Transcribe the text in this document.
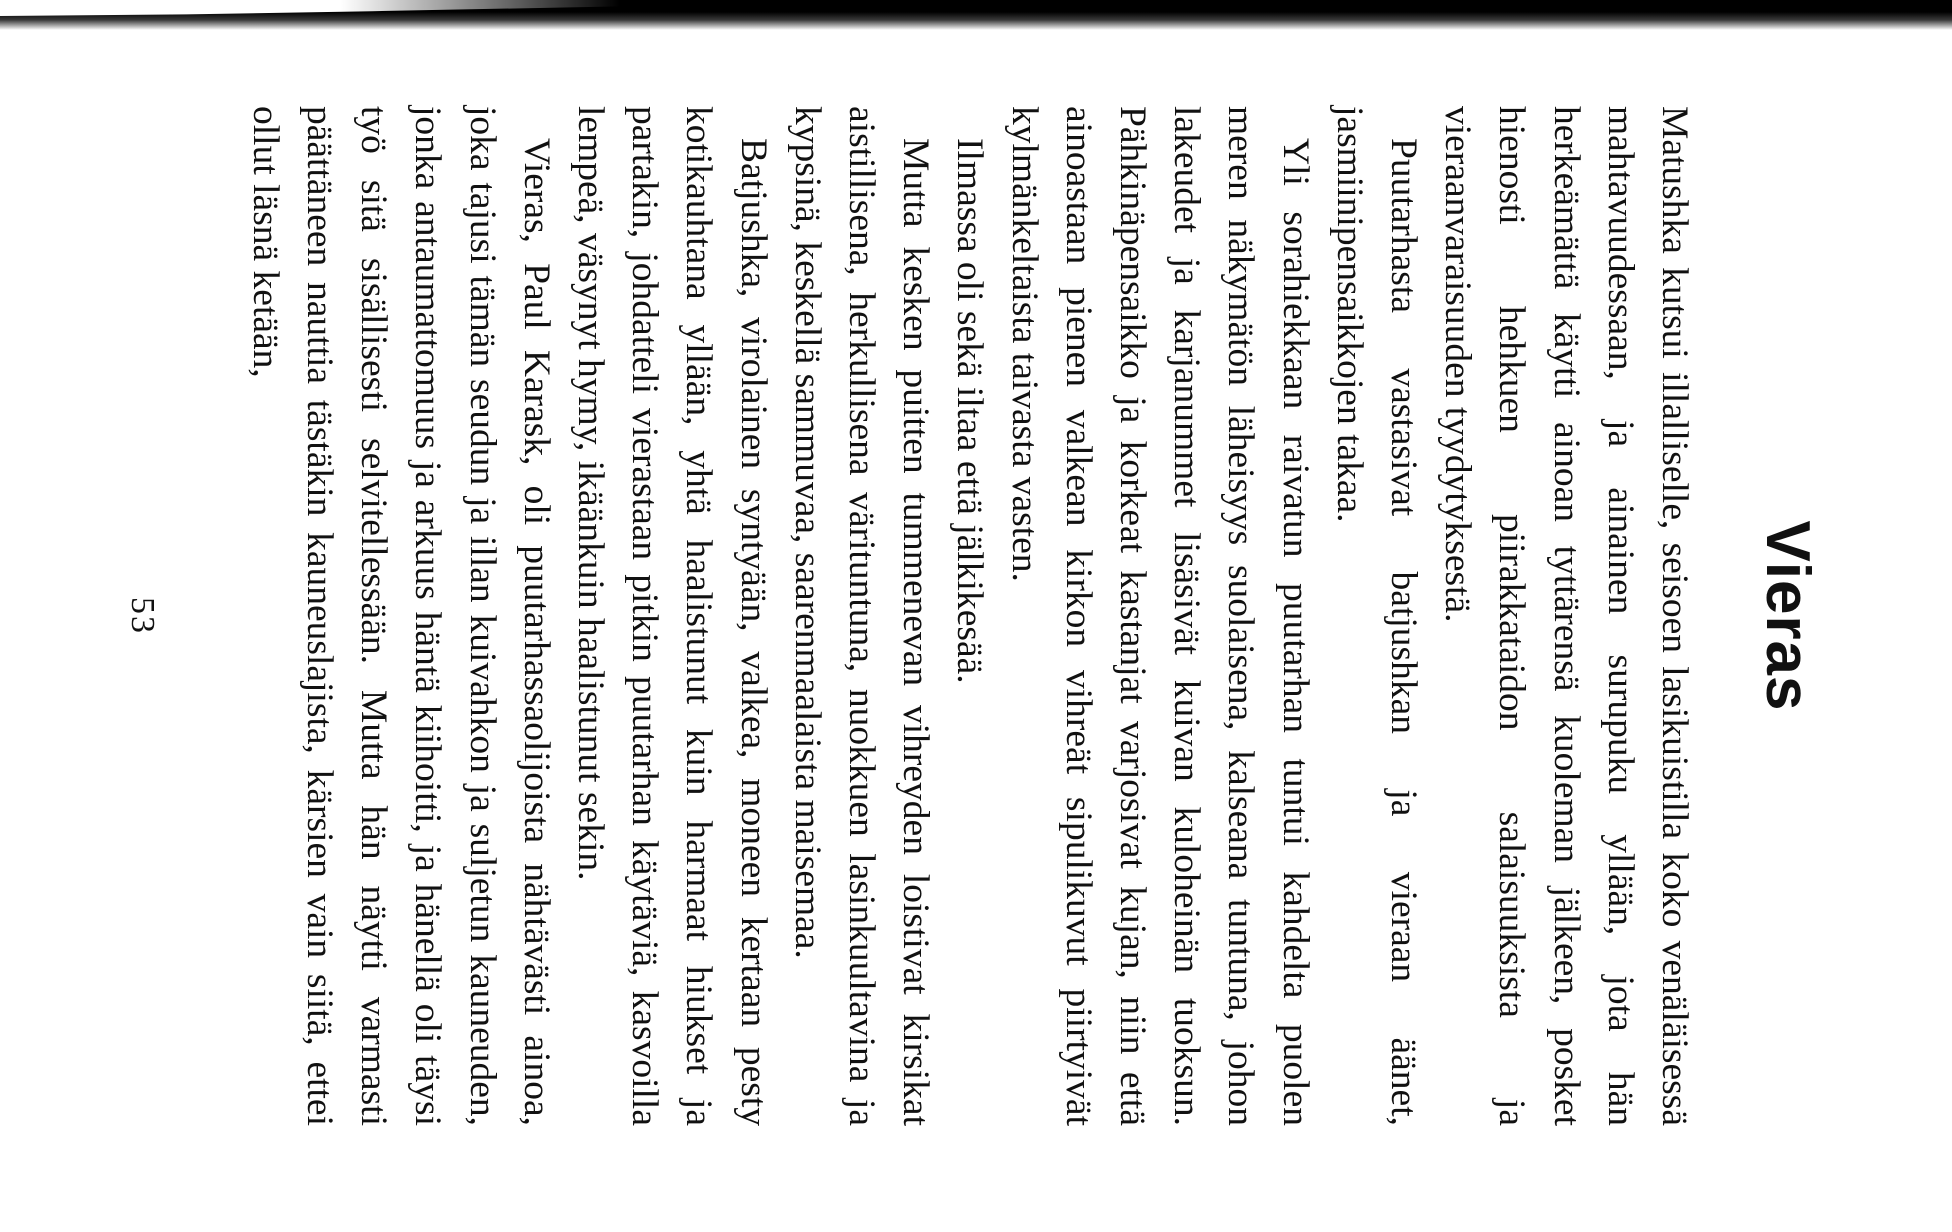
Vieras

Matushka kutsui illalliselle, seisoen lasikuistilla koko venäläisessä mahtavuudessaan, ja ainainen surupuku yllään, jota hän herkeämättä käytti ainoan tyttärensä kuoleman jälkeen, posket hienosti hehkuen piirakkataidon salaisuuksista ja vieraanvaraisuuden tyydytyksestä.

Puutarhasta vastasivat batjushkan ja vieraan äänet, jasmiinipensaikkojen takaa.

Yli sorahiekkaan raivatun puutarhan tuntui kahdelta puolen meren näkymätön läheisyys suolaisena, kalseana tuntuna, johon lakeudet ja karjanummet lisäsivät kuivan kuloheinän tuoksun. Pähkinäpensaikko ja korkeat kastanjat varjosivat kujan, niin että ainoastaan pienen valkean kirkon vihreät sipulikuvut piirtyivät kylmänkeltaista taivasta vasten.

Ilmassa oli sekä iltaa että jälkikesää.

Mutta kesken puitten tummenevan vihreyden loistivat kirsikat aistillisena, herkullisena värituntuna, nuokkuen lasinkuultavina ja kypsinä, keskellä sammuvaa, saarenmaalaista maisemaa.

Batjushka, virolainen syntyään, valkea, moneen kertaan pesty kotikauhtana yllään, yhtä haalistunut kuin harmaat hiukset ja partakin, johdatteli vierastaan pitkin puutarhan käytäviä, kasvoilla lempeä, väsynyt hymy, ikäänkuin haalistunut sekin.

Vieras, Paul Karask, oli puutarhassaolijoista nähtävästi ainoa, joka tajusi tämän seudun ja illan kuivahkon ja suljetun kauneuden, jonka antaumattomuus ja arkuus häntä kiihoitti, ja hänellä oli täysi työ sitä sisällisesti selvitellessään. Mutta hän näytti varmasti päättäneen nauttia tästäkin kauneuslajista, kärsien vain siitä, ettei ollut läsnä ketään,

53
